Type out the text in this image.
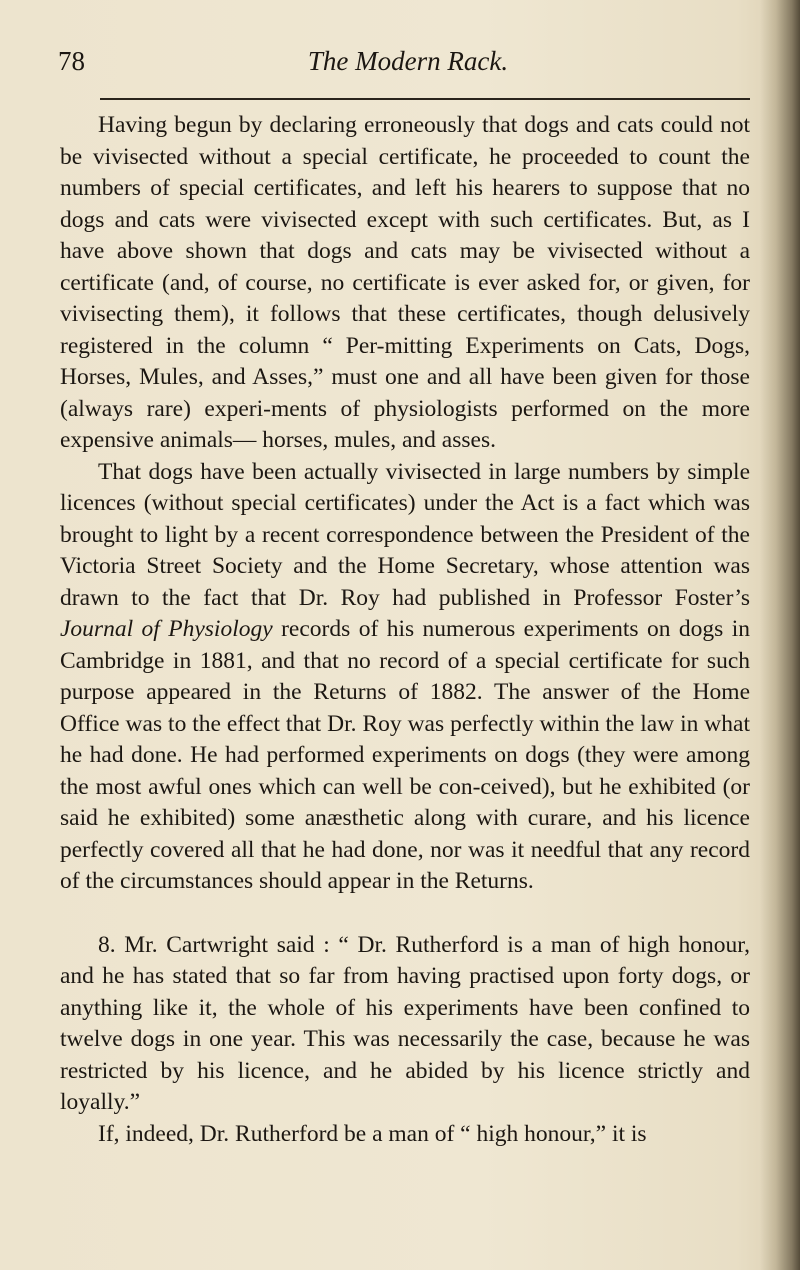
78	The Modern Rack.

Having begun by declaring erroneously that dogs and cats could not be vivisected without a special certificate, he proceeded to count the numbers of special certificates, and left his hearers to suppose that no dogs and cats were vivisected except with such certificates. But, as I have above shown that dogs and cats may be vivisected without a certificate (and, of course, no certificate is ever asked for, or given, for vivisecting them), it follows that these certificates, though delusively registered in the column “ Per-mitting Experiments on Cats, Dogs, Horses, Mules, and Asses,” must one and all have been given for those (always rare) experi-ments of physiologists performed on the more expensive animals— horses, mules, and asses.

That dogs have been actually vivisected in large numbers by simple licences (without special certificates) under the Act is a fact which was brought to light by a recent correspondence between the President of the Victoria Street Society and the Home Secretary, whose attention was drawn to the fact that Dr. Roy had published in Professor Foster’s Journal of Physiology records of his numerous experiments on dogs in Cambridge in 1881, and that no record of a special certificate for such purpose appeared in the Returns of 1882. The answer of the Home Office was to the effect that Dr. Roy was perfectly within the law in what he had done. He had performed experiments on dogs (they were among the most awful ones which can well be con-ceived), but he exhibited (or said he exhibited) some anæsthetic along with curare, and his licence perfectly covered all that he had done, nor was it needful that any record of the circumstances should appear in the Returns.

8. Mr. Cartwright said : “ Dr. Rutherford is a man of high honour, and he has stated that so far from having practised upon forty dogs, or anything like it, the whole of his experiments have been confined to twelve dogs in one year. This was necessarily the case, because he was restricted by his licence, and he abided by his licence strictly and loyally.”

If, indeed, Dr. Rutherford be a man of “ high honour,” it is
